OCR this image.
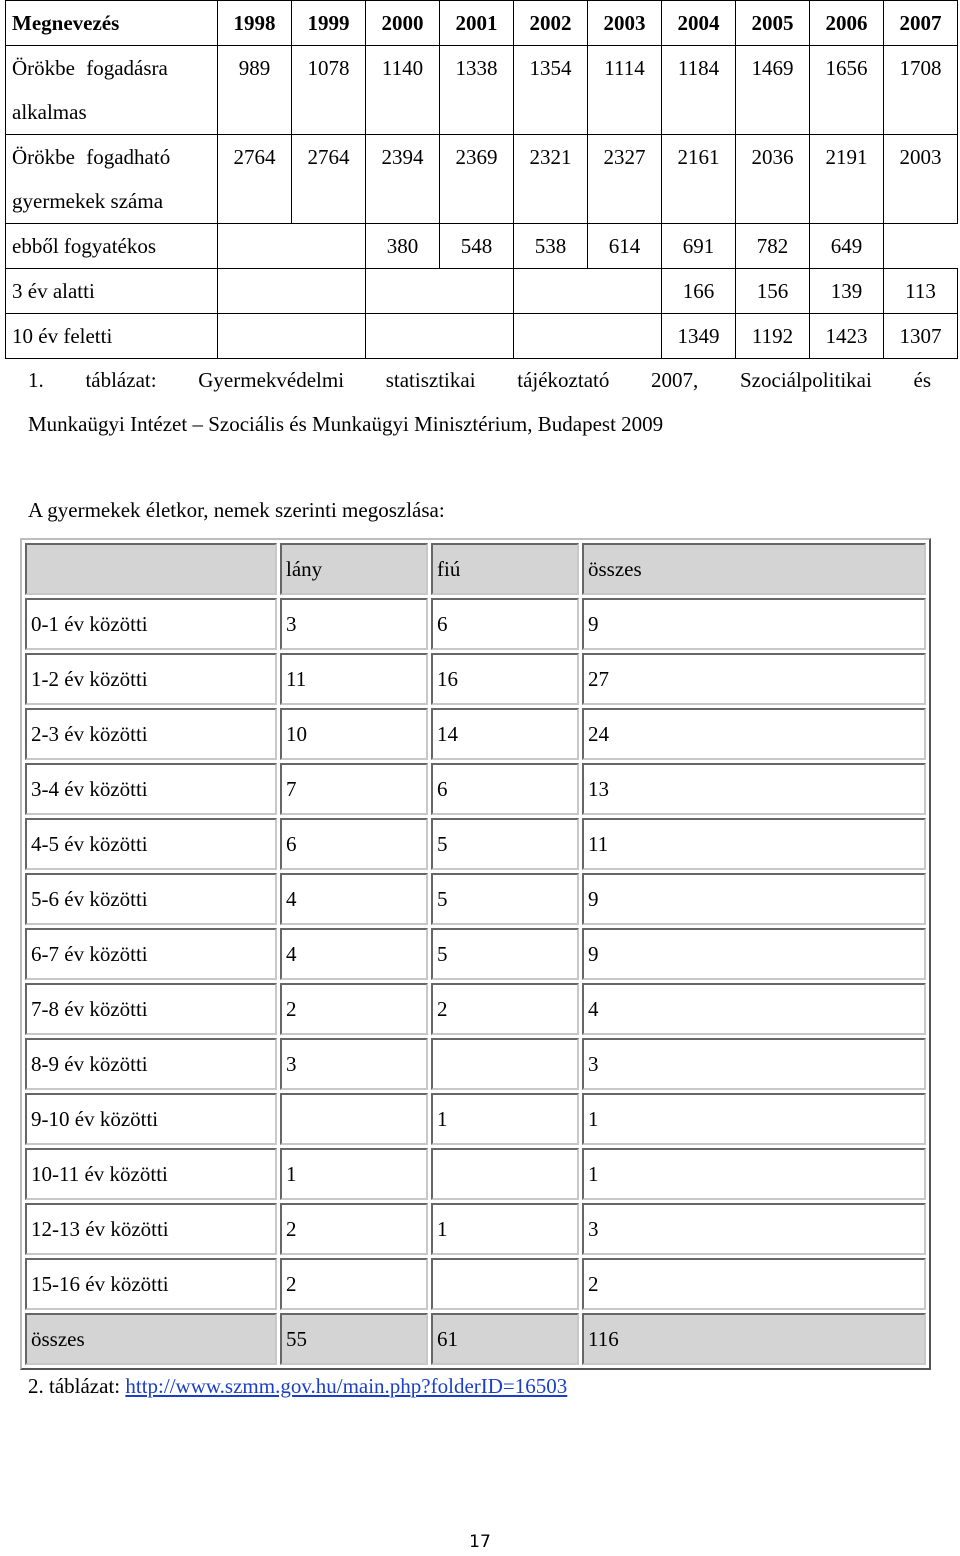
Megnevezés	1998	1999	2000	2001	2002	2003	2004	2005	2006	2007
Örökbe fogadásra
alkalmas	989	1078	1140	1338	1354	1114	1184	1469	1656	1708
Örökbe fogadható
gyermekek száma	2764	2764	2394	2369	2321	2327	2161	2036	2191	2003
ebből fogyatékos			380	548	538	614	691	782	649	
3 év alatti							166	156	139	113
10 év feletti							1349	1192	1423	1307
1. táblázat: Gyermekvédelmi statisztikai tájékoztató 2007, Szociálpolitikai és
Munkaügyi Intézet – Szociális és Munkaügyi Minisztérium, Budapest 2009
A gyermekek életkor, nemek szerinti megoszlása:
	lány	fiú	összes
0-1 év közötti	3	6	9
1-2 év közötti	11	16	27
2-3 év közötti	10	14	24
3-4 év közötti	7	6	13
4-5 év közötti	6	5	11
5-6 év közötti	4	5	9
6-7 év közötti	4	5	9
7-8 év közötti	2	2	4
8-9 év közötti	3		3
9-10 év közötti		1	1
10-11 év közötti	1		1
12-13 év közötti	2	1	3
15-16 év közötti	2		2
összes	55	61	116
2. táblázat: http://www.szmm.gov.hu/main.php?folderID=16503
17
